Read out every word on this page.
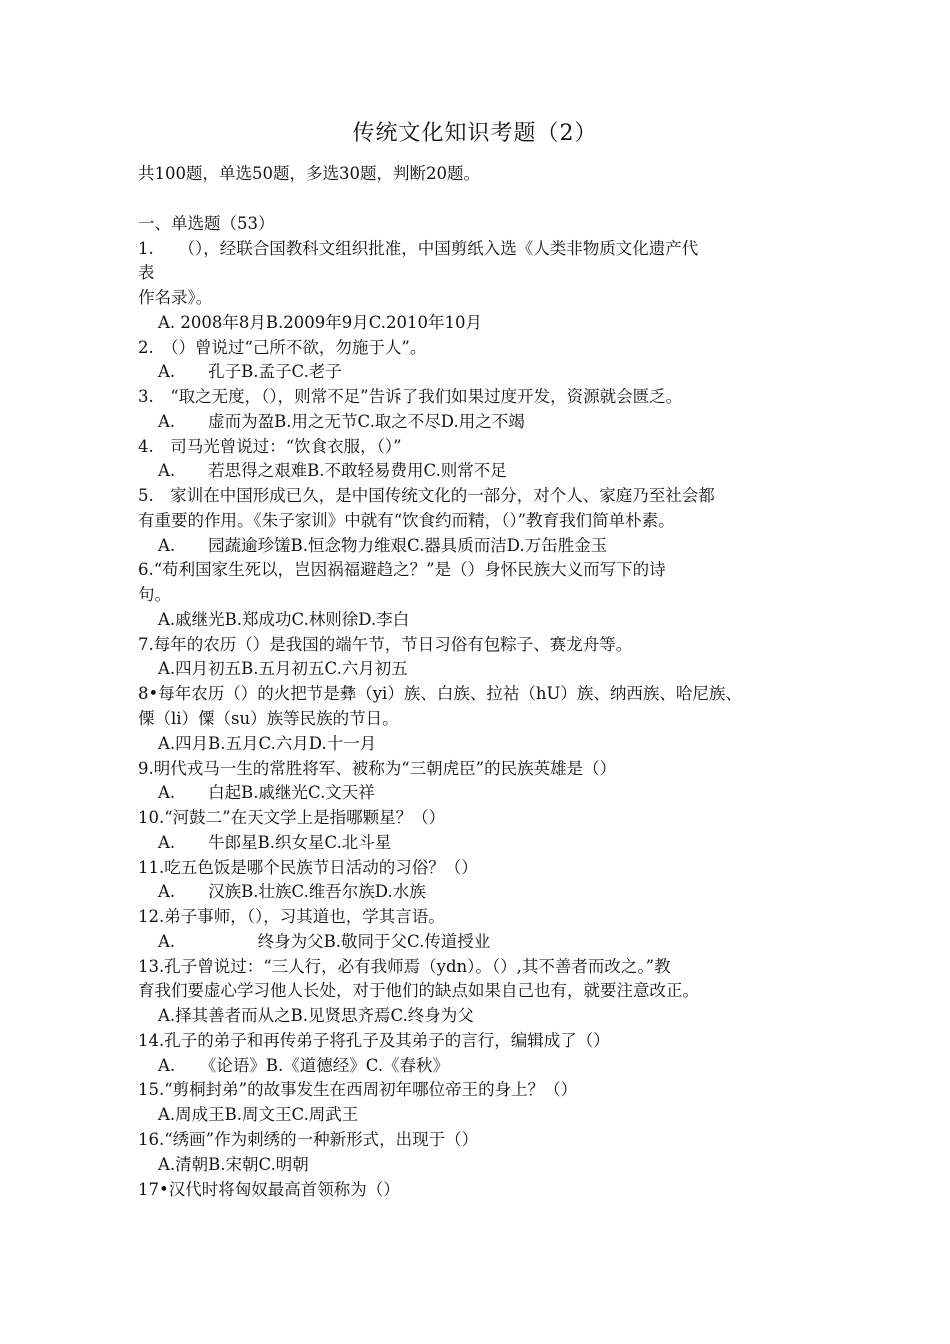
传统文化知识考题（2）
共100题，单选50题，多选30题，判断20题。
一、单选题（53）
1.　　（），经联合国教科文组织批准，中国剪纸入选《人类非物质文化遗产代
表
作名录》。
A. 2008年8月B.2009年9月C.2010年10月
2.　（）曾说过“己所不欲，勿施于人”。
A.　　孔子B.孟子C.老子
3.　“取之无度，（），则常不足”告诉了我们如果过度开发，资源就会匮乏。
A.　　虚而为盈B.用之无节C.取之不尽D.用之不竭
4.　司马光曾说过：“饮食衣服，（）”
A.　　若思得之艰难B.不敢轻易费用C.则常不足
5.　家训在中国形成已久，是中国传统文化的一部分，对个人、家庭乃至社会都
有重要的作用。《朱子家训》中就有“饮食约而精，（）”教育我们简单朴素。
A.　　园蔬逾珍馐B.恒念物力维艰C.器具质而洁D.万缶胜金玉
6.“苟利国家生死以，岂因祸福避趋之？”是（）身怀民族大义而写下的诗
句。
A.戚继光B.郑成功C.林则徐D.李白
7.每年的农历（）是我国的端午节，节日习俗有包粽子、赛龙舟等。
A.四月初五B.五月初五C.六月初五
8•每年农历（）的火把节是彝（yi）族、白族、拉祜（hU）族、纳西族、哈尼族、
傈（li）僳（su）族等民族的节日。
A.四月B.五月C.六月D.十一月
9.明代戎马一生的常胜将军、被称为“三朝虎臣”的民族英雄是（）
A.　　白起B.戚继光C.文天祥
10.“河鼓二”在天文学上是指哪颗星？（）
A.　　牛郎星B.织女星C.北斗星
11.吃五色饭是哪个民族节日活动的习俗？（）
A.　　汉族B.壮族C.维吾尔族D.水族
12.弟子事师，（），习其道也，学其言语。
A.　　　　　终身为父B.敬同于父C.传道授业
13.孔子曾说过：“三人行，必有我师焉（ydn）。（）,其不善者而改之。”教
育我们要虚心学习他人长处，对于他们的缺点如果自己也有，就要注意改正。
A.择其善者而从之B.见贤思齐焉C.终身为父
14.孔子的弟子和再传弟子将孔子及其弟子的言行，编辑成了（）
A.　　《论语》B.《道德经》C.《春秋》
15.“剪桐封弟”的故事发生在西周初年哪位帝王的身上？（）
A.周成王B.周文王C.周武王
16.“绣画”作为刺绣的一种新形式，出现于（）
A.清朝B.宋朝C.明朝
17•汉代时将匈奴最高首领称为（）
